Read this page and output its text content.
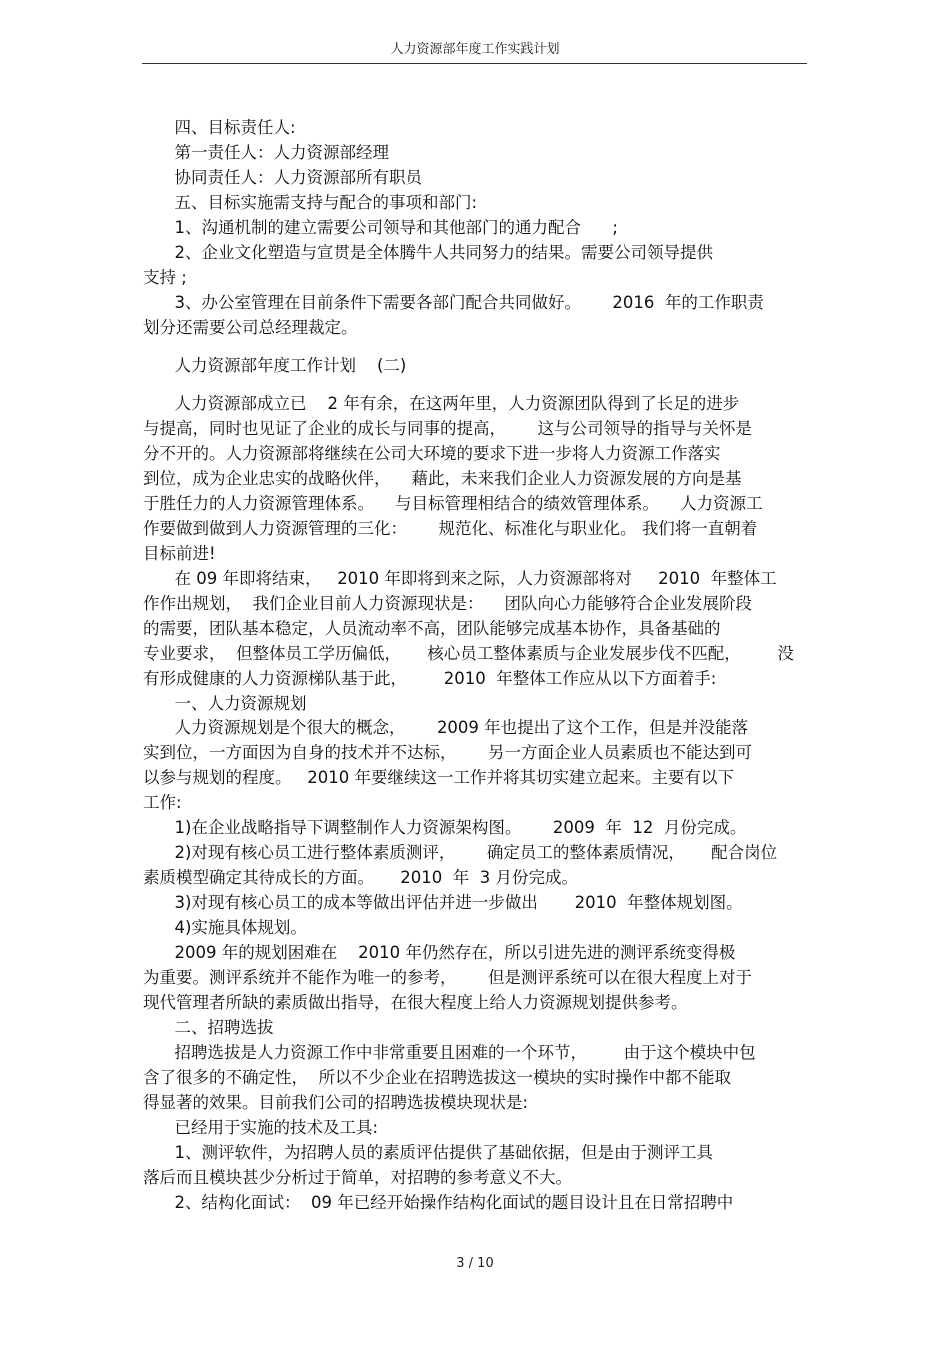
人力资源部年度工作实践计划
四、目标责任人:
第一责任人：人力资源部经理
协同责任人：人力资源部所有职员
五、目标实施需支持与配合的事项和部门:
1、沟通机制的建立需要公司领导和其他部门的通力配合      ;
2、企业文化塑造与宣贯是全体腾牛人共同努力的结果。需要公司领导提供
支持 ;
3、办公室管理在目前条件下需要各部门配合共同做好。      2016  年的工作职责
划分还需要公司总经理裁定。
人力资源部年度工作计划    (二)
人力资源部成立已    2 年有余，在这两年里，人力资源团队得到了长足的进步
与提高，同时也见证了企业的成长与同事的提高，      这与公司领导的指导与关怀是
分不开的。人力资源部将继续在公司大环境的要求下进一步将人力资源工作落实
到位，成为企业忠实的战略伙伴，    藉此，未来我们企业人力资源发展的方向是基
于胜任力的人力资源管理体系。    与目标管理相结合的绩效管理体系。    人力资源工
作要做到做到人力资源管理的三化：      规范化、标准化与职业化。 我们将一直朝着
目标前进!
在 09 年即将结束，   2010 年即将到来之际，人力资源部将对     2010  年整体工
作作出规划，  我们企业目前人力资源现状是：    团队向心力能够符合企业发展阶段
的需要，团队基本稳定，人员流动率不高，团队能够完成基本协作，具备基础的
专业要求，  但整体员工学历偏低，     核心员工整体素质与企业发展步伐不匹配，       没
有形成健康的人力资源梯队基于此，       2010  年整体工作应从以下方面着手:
一、人力资源规划
人力资源规划是个很大的概念，      2009 年也提出了这个工作，但是并没能落
实到位，一方面因为自身的技术并不达标，      另一方面企业人员素质也不能达到可
以参与规划的程度。   2010 年要继续这一工作并将其切实建立起来。主要有以下
工作:
1)在企业战略指导下调整制作人力资源架构图。      2009  年  12  月份完成。
2)对现有核心员工进行整体素质测评，      确定员工的整体素质情况，     配合岗位
素质模型确定其待成长的方面。     2010  年  3 月份完成。
3)对现有核心员工的成本等做出评估并进一步做出       2010  年整体规划图。
4)实施具体规划。
2009 年的规划困难在    2010 年仍然存在，所以引进先进的测评系统变得极
为重要。测评系统并不能作为唯一的参考，      但是测评系统可以在很大程度上对于
现代管理者所缺的素质做出指导，在很大程度上给人力资源规划提供参考。
二、招聘选拔
招聘选拔是人力资源工作中非常重要且困难的一个环节，       由于这个模块中包
含了很多的不确定性，  所以不少企业在招聘选拔这一模块的实时操作中都不能取
得显著的效果。目前我们公司的招聘选拔模块现状是:
已经用于实施的技术及工具:
1、测评软件，为招聘人员的素质评估提供了基础依据，但是由于测评工具
落后而且模块甚少分析过于简单，对招聘的参考意义不大。
2、结构化面试：  09 年已经开始操作结构化面试的题目设计且在日常招聘中
3 / 10
